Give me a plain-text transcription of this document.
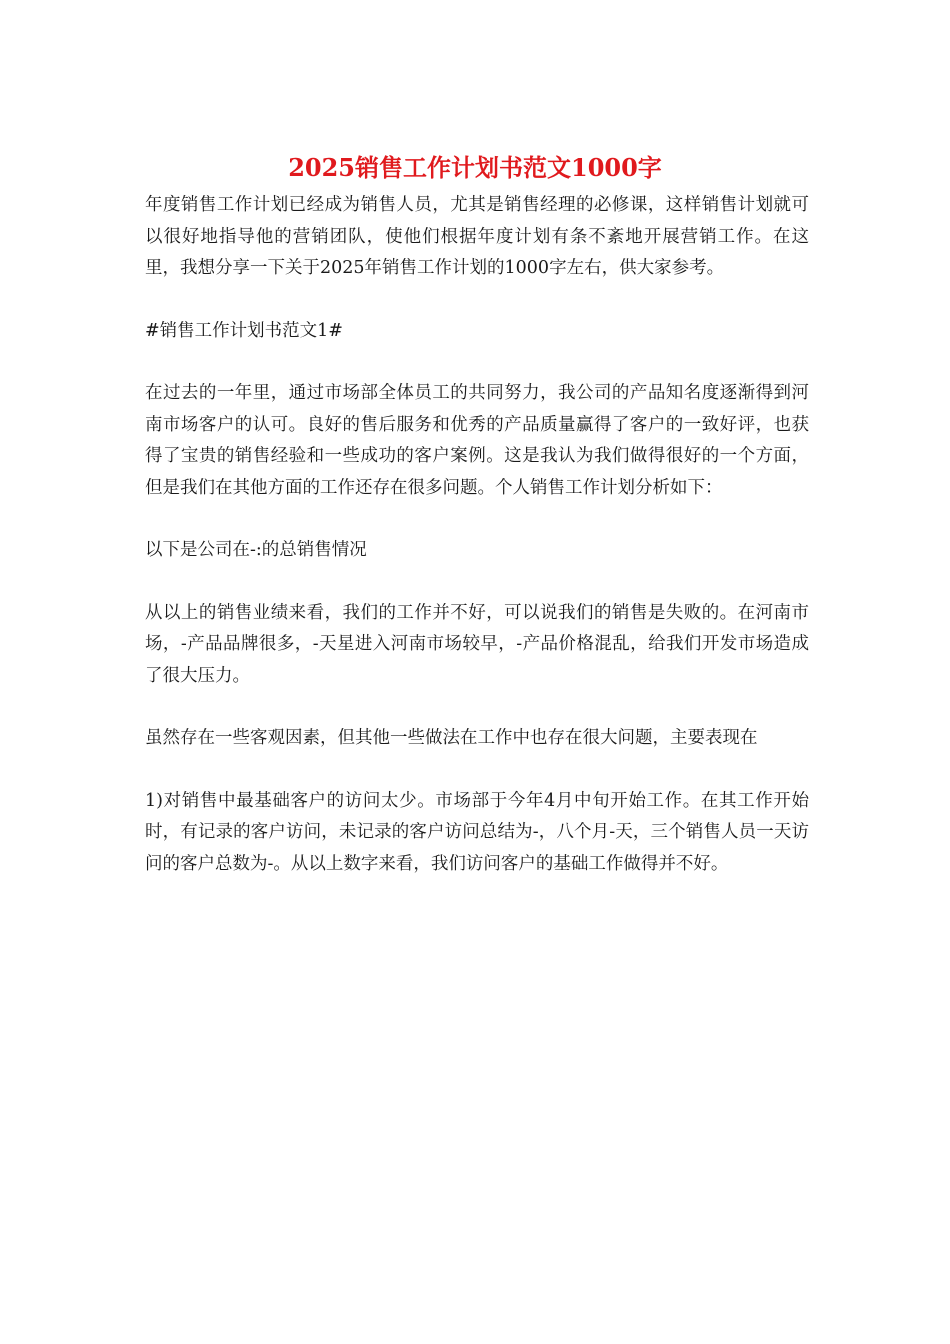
2025销售工作计划书范文1000字

年度销售工作计划已经成为销售人员，尤其是销售经理的必修课，这样销售计划就可以很好地指导他的营销团队，使他们根据年度计划有条不紊地开展营销工作。在这里，我想分享一下关于2025年销售工作计划的1000字左右，供大家参考。

#销售工作计划书范文1#

在过去的一年里，通过市场部全体员工的共同努力，我公司的产品知名度逐渐得到河南市场客户的认可。良好的售后服务和优秀的产品质量赢得了客户的一致好评，也获得了宝贵的销售经验和一些成功的客户案例。这是我认为我们做得很好的一个方面，但是我们在其他方面的工作还存在很多问题。个人销售工作计划分析如下：

以下是公司在-:的总销售情况

从以上的销售业绩来看，我们的工作并不好，可以说我们的销售是失败的。在河南市场，-产品品牌很多，-天星进入河南市场较早，-产品价格混乱，给我们开发市场造成了很大压力。

虽然存在一些客观因素，但其他一些做法在工作中也存在很大问题，主要表现在

1)对销售中最基础客户的访问太少。市场部于今年4月中旬开始工作。在其工作开始时，有记录的客户访问，未记录的客户访问总结为-，八个月-天，三个销售人员一天访问的客户总数为-。从以上数字来看，我们访问客户的基础工作做得并不好。
